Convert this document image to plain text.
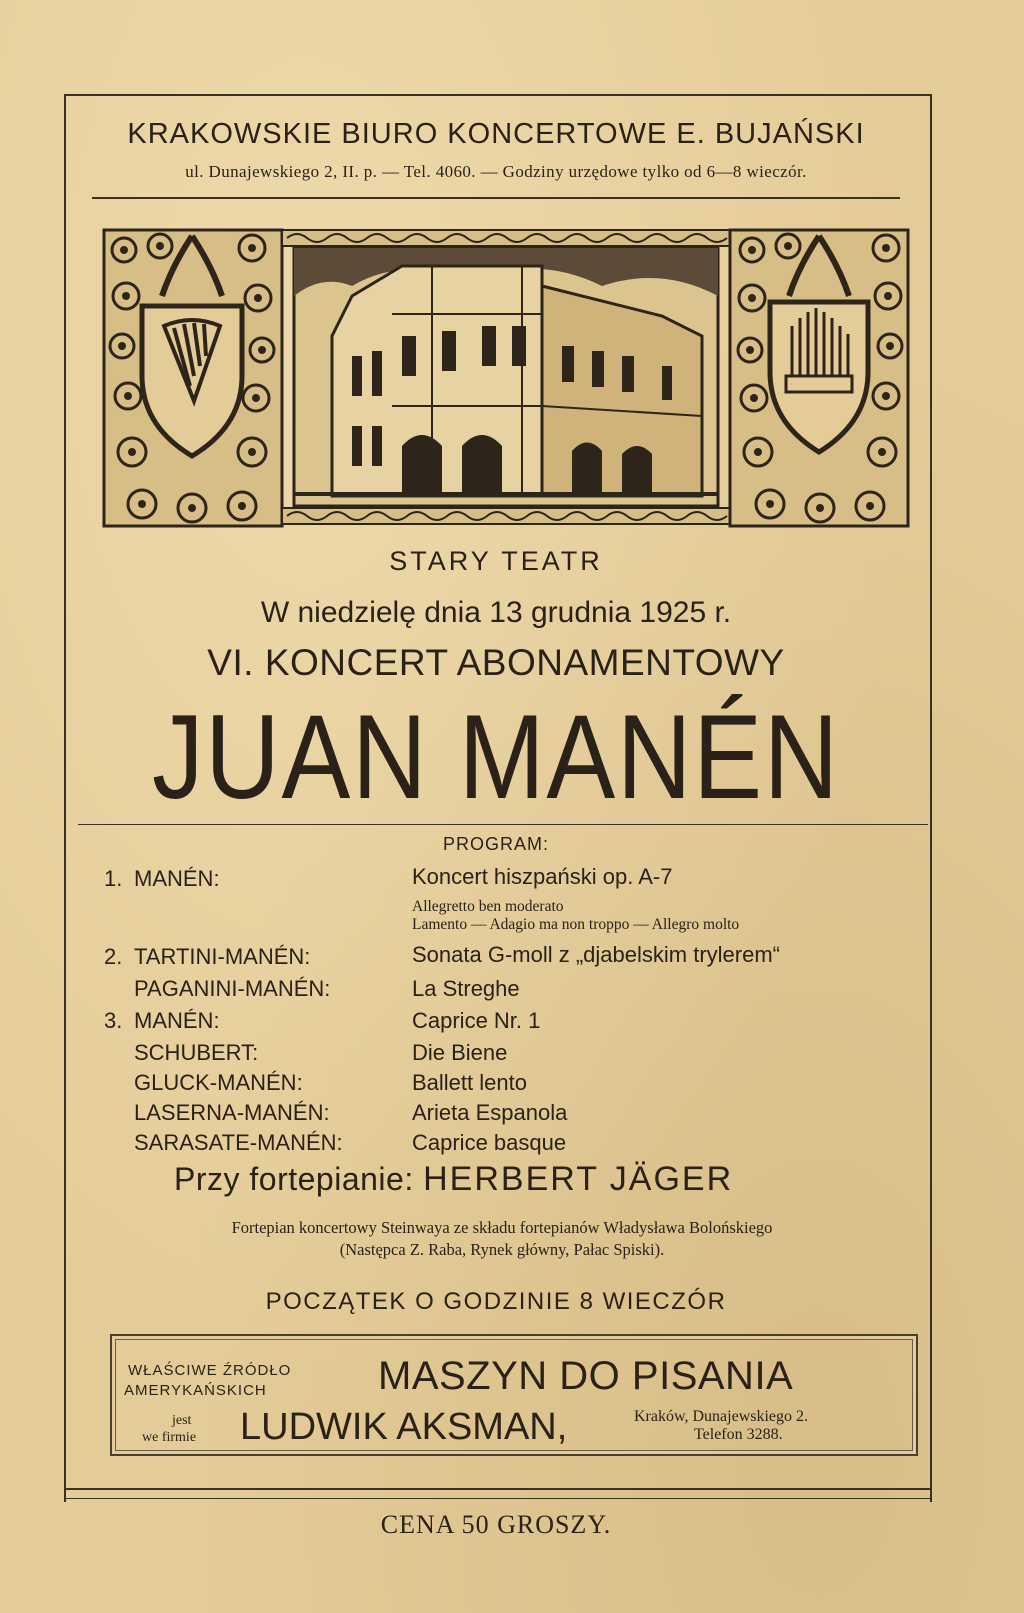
KRAKOWSKIE BIURO KONCERTOWE E. BUJAŃSKI
ul. Dunajewskiego 2, II. p. — Tel. 4060. — Godziny urzędowe tylko od 6—8 wieczór.
STARY TEATR
W niedzielę dnia 13 grudnia 1925 r.
VI. KONCERT ABONAMENTOWY
JUAN MANÉN
PROGRAM:
1. MANÉN:	Koncert hiszpański op. A-7
Allegretto ben moderato
Lamento — Adagio ma non troppo — Allegro molto
2. TARTINI-MANÉN:	Sonata G-moll z „djabelskim trylerem“
PAGANINI-MANÉN:	La Streghe
3. MANÉN:	Caprice Nr. 1
SCHUBERT:	Die Biene
GLUCK-MANÉN:	Ballett lento
LASERNA-MANÉN:	Arieta Espanola
SARASATE-MANÉN:	Caprice basque
Przy fortepianie: HERBERT JÄGER
Fortepian koncertowy Steinwaya ze składu fortepianów Władysława Bolońskiego
(Następca Z. Raba, Rynek główny, Pałac Spiski).
POCZĄTEK O GODZINIE 8 WIECZÓR
WŁAŚCIWE ŹRÓDŁO
AMERYKAŃSKICH	MASZYN DO PISANIA
jest
we firmie LUDWIK AKSMAN,	Kraków, Dunajewskiego 2.
Telefon 3288.
CENA 50 GROSZY.
